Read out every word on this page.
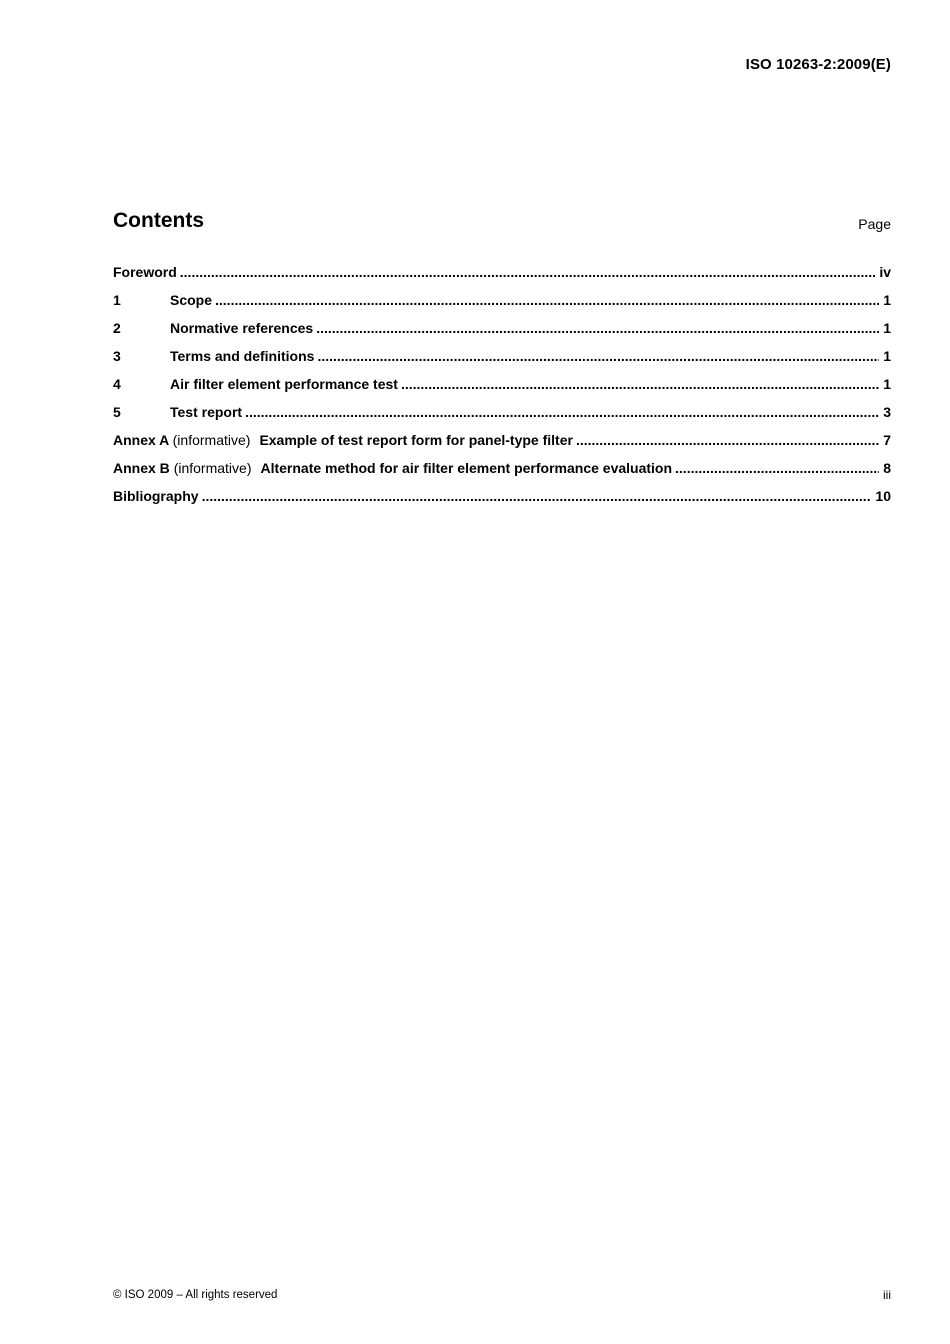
ISO 10263-2:2009(E)
Contents	Page
Foreword .....	iv
1	Scope .....	1
2	Normative references .....	1
3	Terms and definitions .....	1
4	Air filter element performance test .....	1
5	Test report .....	3
Annex A (informative) Example of test report form for panel-type filter .....	7
Annex B (informative) Alternate method for air filter element performance evaluation .....	8
Bibliography .....	10
© ISO 2009 – All rights reserved	iii
